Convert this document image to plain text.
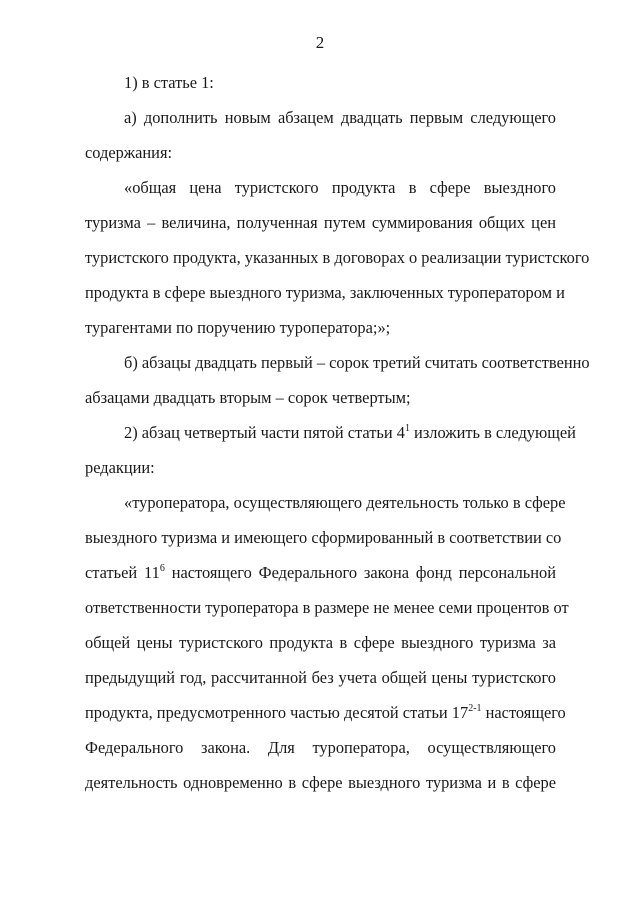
2
1) в статье 1:
а) дополнить новым абзацем двадцать первым следующего
содержания:
«общая цена туристского продукта в сфере выездного
туризма – величина, полученная путем суммирования общих цен
туристского продукта, указанных в договорах о реализации туристского
продукта в сфере выездного туризма, заключенных туроператором и
турагентами по поручению туроператора;»;
б) абзацы двадцать первый – сорок третий считать соответственно
абзацами двадцать вторым – сорок четвертым;
2) абзац четвертый части пятой статьи $4^1$ изложить в следующей
редакции:
«туроператора, осуществляющего деятельность только в сфере
выездного туризма и имеющего сформированный в соответствии со
статьей $11^6$ настоящего Федерального закона фонд персональной
ответственности туроператора в размере не менее семи процентов от
общей цены туристского продукта в сфере выездного туризма за
предыдущий год, рассчитанной без учета общей цены туристского
продукта, предусмотренного частью десятой статьи 17$^{2-1}$ настоящего
Федерального закона. Для туроператора, осуществляющего
деятельность одновременно в сфере выездного туризма и в сфере
